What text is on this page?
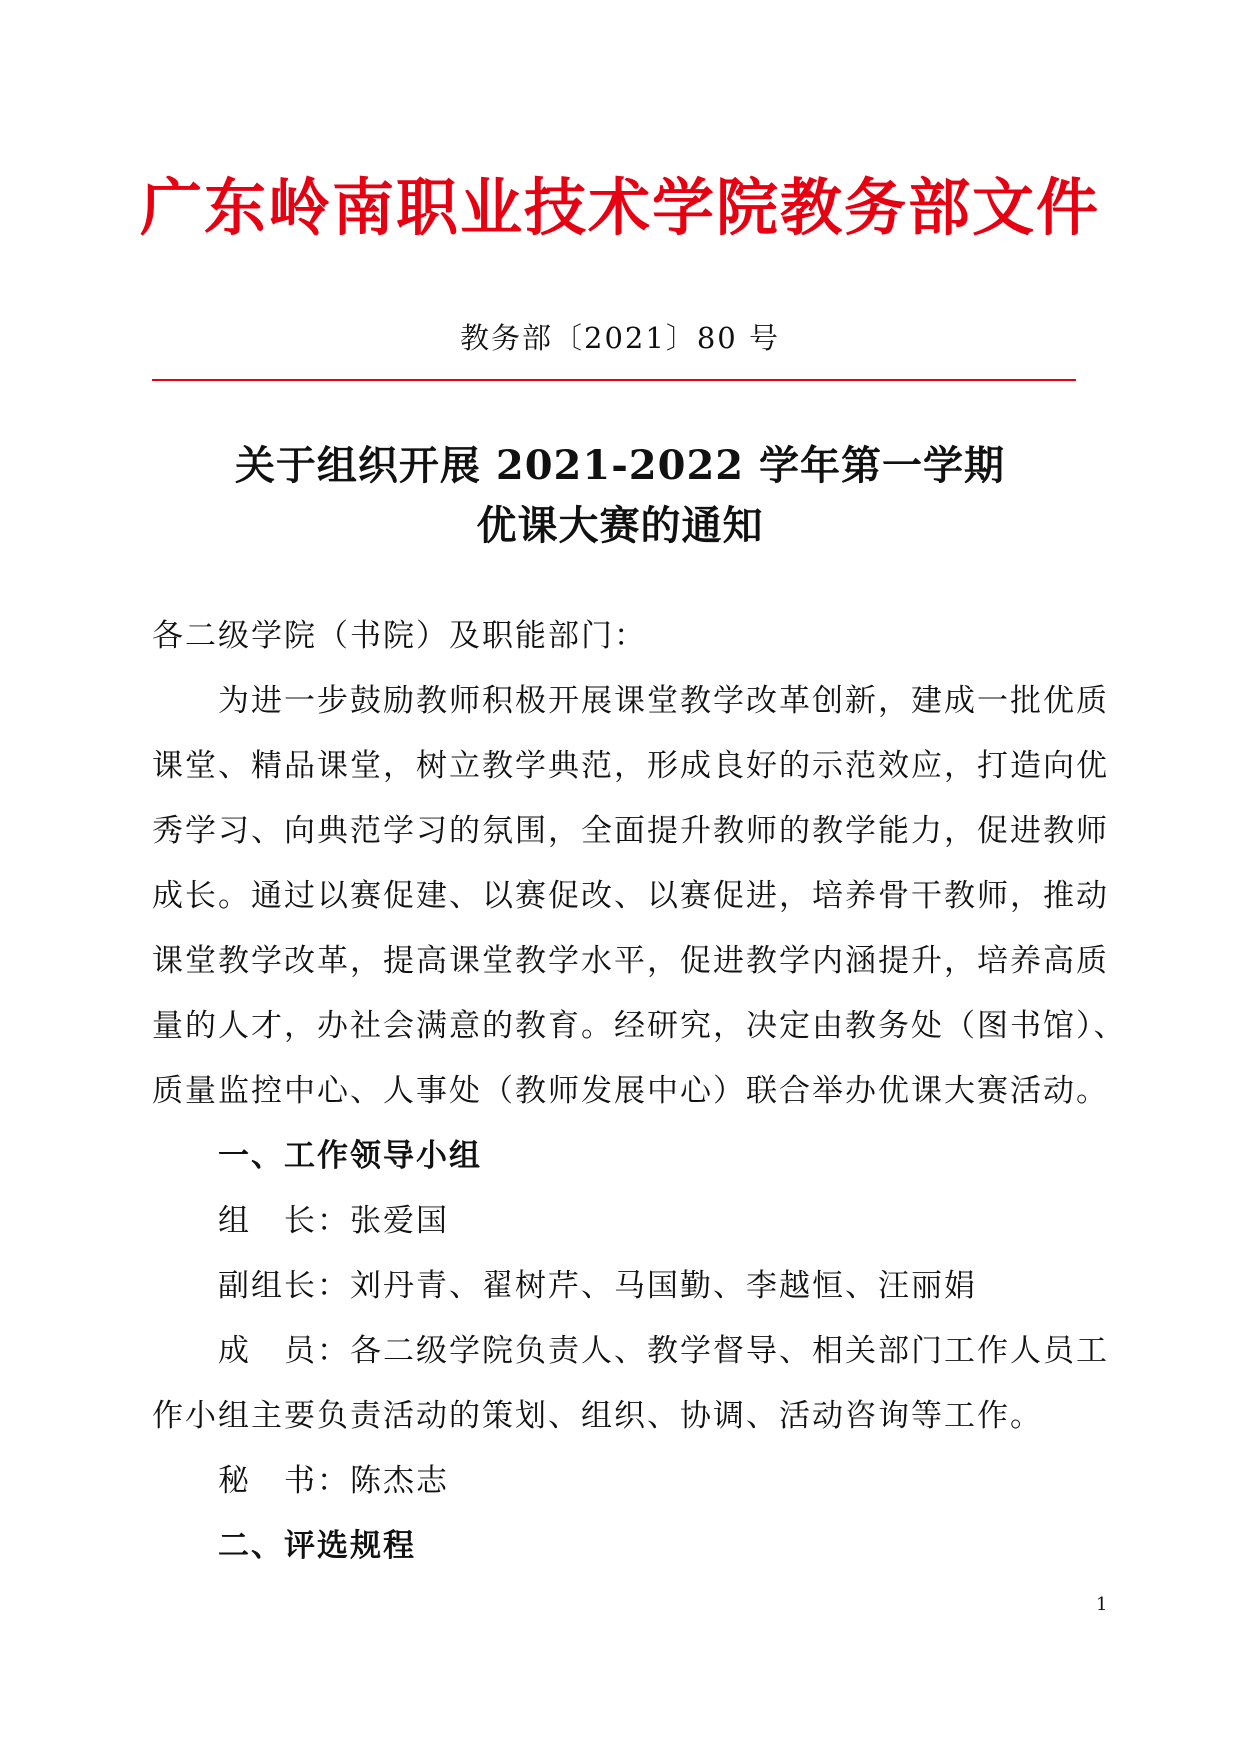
广东岭南职业技术学院教务部文件
教务部〔2021〕80 号
关于组织开展 2021-2022 学年第一学期
优课大赛的通知
各二级学院（书院）及职能部门：
为进一步鼓励教师积极开展课堂教学改革创新，建成一批优质
课堂、精品课堂，树立教学典范，形成良好的示范效应，打造向优
秀学习、向典范学习的氛围，全面提升教师的教学能力，促进教师
成长。通过以赛促建、以赛促改、以赛促进，培养骨干教师，推动
课堂教学改革，提高课堂教学水平，促进教学内涵提升，培养高质
量的人才，办社会满意的教育。经研究，决定由教务处（图书馆）、
质量监控中心、人事处（教师发展中心）联合举办优课大赛活动。
一、工作领导小组
组　长：张爱国
副组长：刘丹青、翟树芹、马国勤、李越恒、汪丽娟
成　员：各二级学院负责人、教学督导、相关部门工作人员工
作小组主要负责活动的策划、组织、协调、活动咨询等工作。
秘　书：陈杰志
二、评选规程
1
